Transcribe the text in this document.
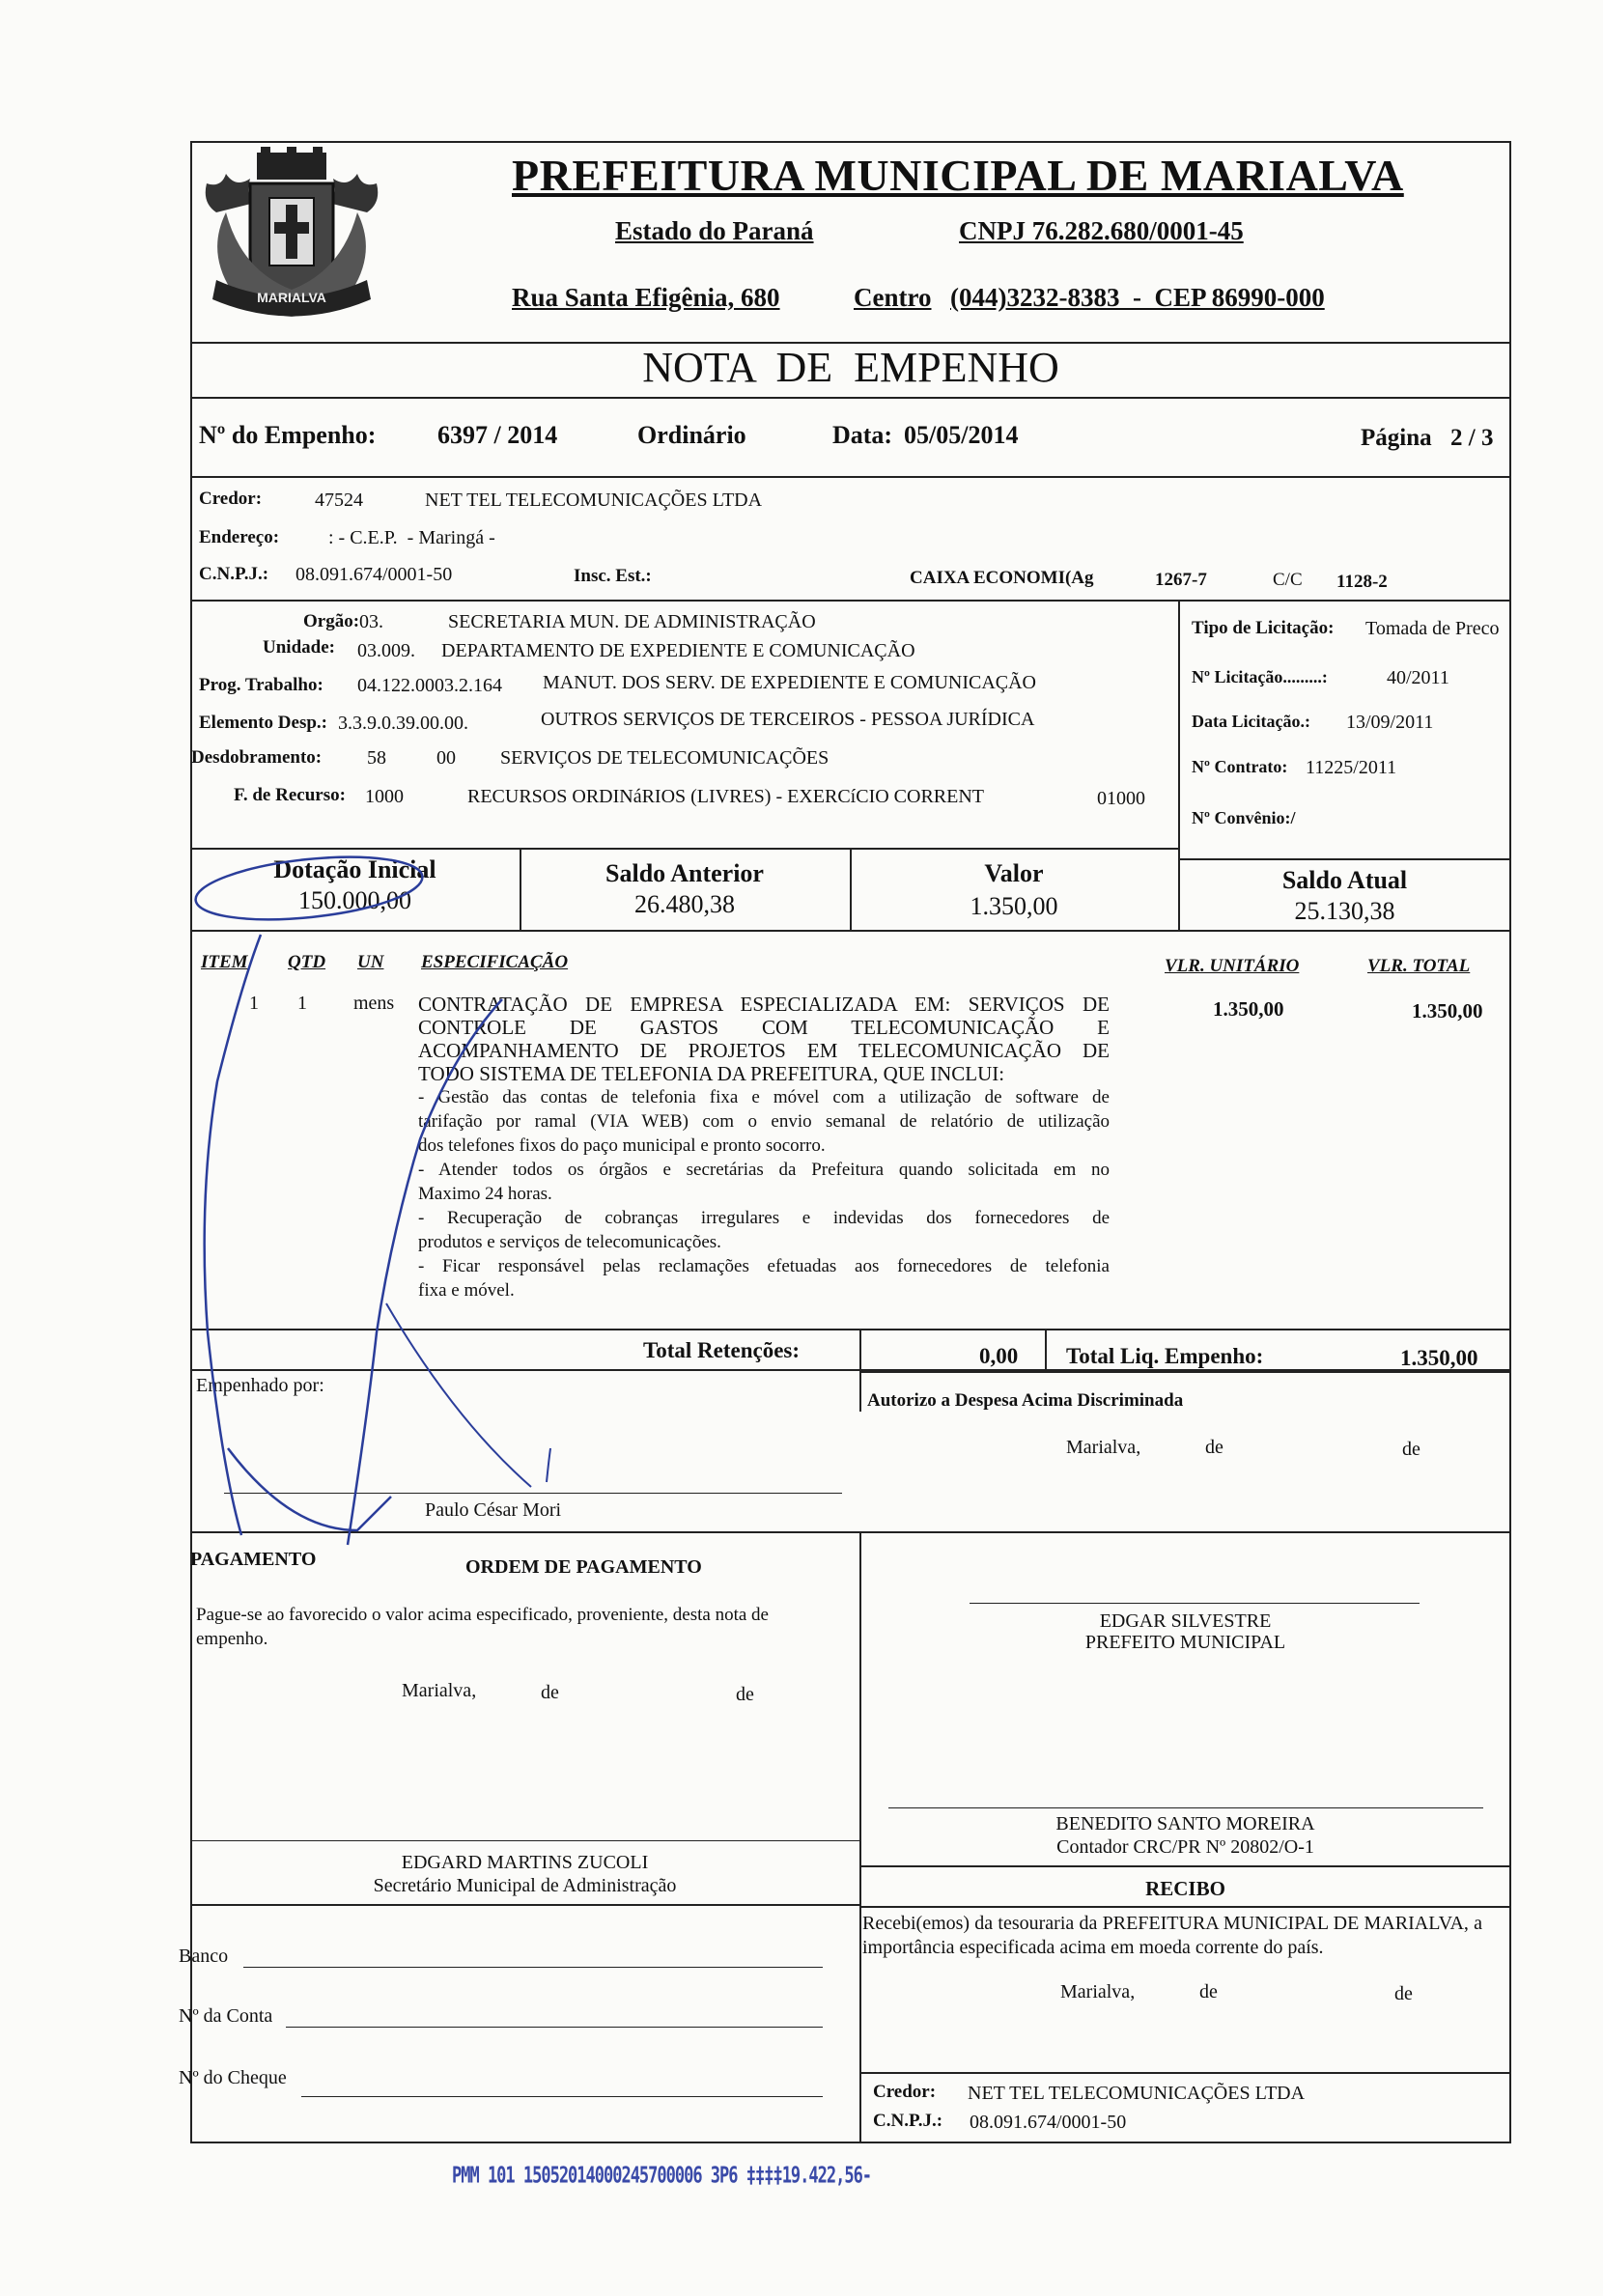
MARIALVA
PREFEITURA MUNICIPAL DE MARIALVA
Estado do Paraná	CNPJ 76.282.680/0001-45
Rua Santa Efigênia, 680	Centro (044)3232-8383  -  CEP 86990-000
NOTA  DE  EMPENHO
Nº do Empenho: 6397 / 2014	Ordinário	Data: 05/05/2014	Página 2 / 3
Credor:	47524	NET TEL TELECOMUNICAÇÕES LTDA
Endereço:	: - C.E.P.  - Maringá -
C.N.P.J.: 08.091.674/0001-50	Insc. Est.:	CAIXA ECONOMI(Ag	1267-7	C/C 1128-2
Orgão: 03.	SECRETARIA MUN. DE ADMINISTRAÇÃO
Unidade: 03.009. DEPARTAMENTO DE EXPEDIENTE E COMUNICAÇÃO
Prog. Trabalho: 04.122.0003.2.164 MANUT. DOS SERV. DE EXPEDIENTE E COMUNICAÇÃO
Elemento Desp.: 3.3.9.0.39.00.00.	OUTROS SERVIÇOS DE TERCEIROS - PESSOA JURÍDICA
Desdobramento: 58	00 SERVIÇOS DE TELECOMUNICAÇÕES
F. de Recurso: 1000	RECURSOS ORDINáRIOS (LIVRES) - EXERCíCIO CORRENT	01000
Tipo de Licitação: Tomada de Preco
Nº Licitação.........:	40/2011
Data Licitação.: 13/09/2011
Nº Contrato: 11225/2011
Nº Convênio:/
Dotação Inicial
150.000,00
Saldo Anterior
26.480,38
Valor
1.350,00
Saldo Atual
25.130,38
ITEM QTD UN ESPECIFICAÇÃO	VLR. UNITÁRIO	VLR. TOTAL
1 1 mens CONTRATAÇÃO DE EMPRESA ESPECIALIZADA EM: SERVIÇOS DE
CONTROLE DE GASTOS COM TELECOMUNICAÇÃO E
ACOMPANHAMENTO DE PROJETOS EM TELECOMUNICAÇÃO DE
TODO SISTEMA DE TELEFONIA DA PREFEITURA, QUE INCLUI:
- Gestão das contas de telefonia fixa e móvel com a utilização de software de
tarifação por ramal (VIA WEB) com o envio semanal de relatório de utilização
dos telefones fixos do paço municipal e pronto socorro.
- Atender todos os órgãos e secretárias da Prefeitura quando solicitada em no
Maximo 24 horas.
- Recuperação de cobranças irregulares e indevidas dos fornecedores de
produtos e serviços de telecomunicações.
- Ficar responsável pelas reclamações efetuadas aos fornecedores de telefonia
fixa e móvel.
1.350,00	1.350,00
Total Retenções:	0,00 Total Liq. Empenho:	1.350,00
Empenhado por:
Autorizo a Despesa Acima Discriminada
Marialva,	de	de
Paulo César Mori
PAGAMENTO	ORDEM DE PAGAMENTO
Pague-se ao favorecido o valor acima especificado, proveniente, desta nota de empenho.
Marialva,	de	de
EDGAR SILVESTRE
PREFEITO MUNICIPAL
BENEDITO SANTO MOREIRA
Contador CRC/PR Nº 20802/O-1
RECIBO
Recebi(emos) da tesouraria da PREFEITURA MUNICIPAL DE MARIALVA, a importância especificada acima em moeda corrente do país.
Marialva,	de	de
Credor: NET TEL TELECOMUNICAÇÕES LTDA
C.N.P.J.: 08.091.674/0001-50
EDGARD MARTINS ZUCOLI
Secretário Municipal de Administração
Banco
Nº da Conta
Nº do Cheque
PMM 101 15052014000245700006 3P6 ‡‡‡‡19.422,56-
